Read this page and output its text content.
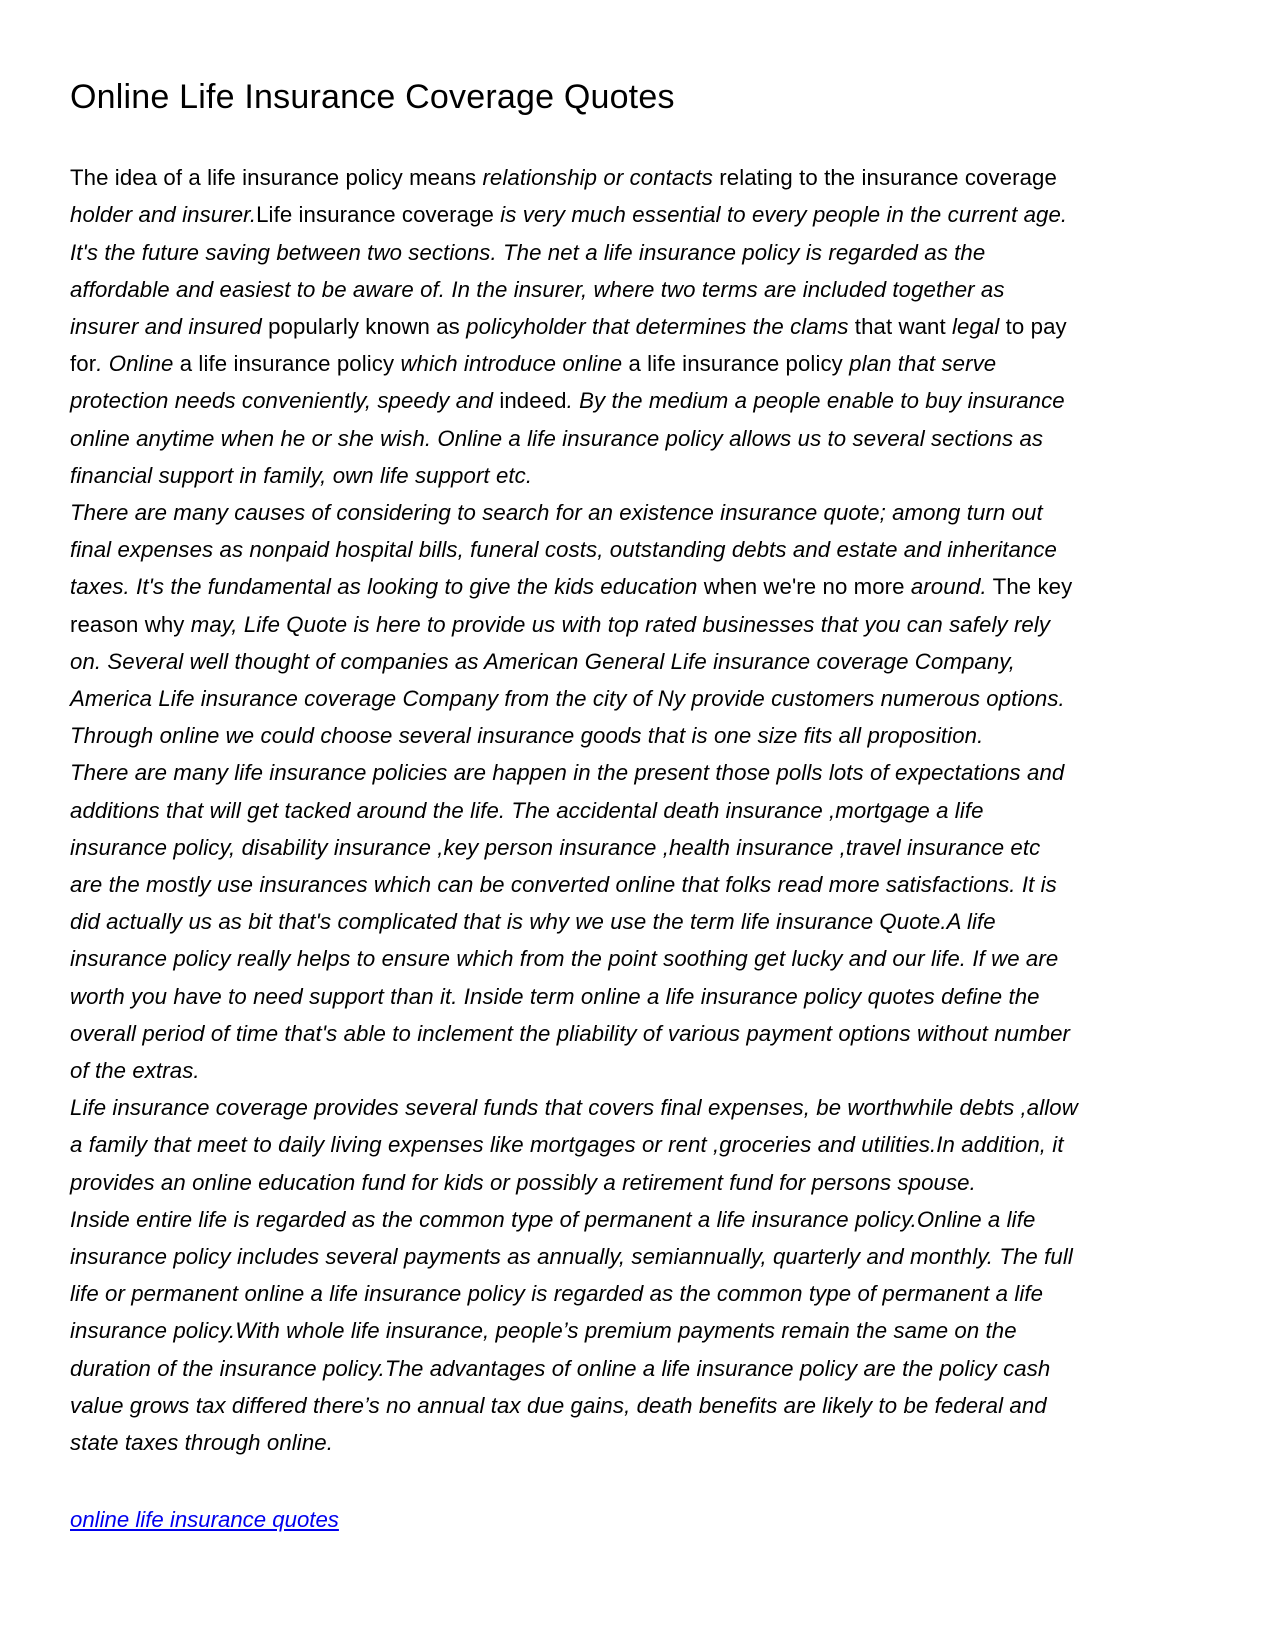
Online Life Insurance Coverage Quotes
The idea of a life insurance policy means relationship or contacts relating to the insurance coverage
holder and insurer.Life insurance coverage is very much essential to every people in the current age.
It's the future saving between two sections. The net a life insurance policy is regarded as the
affordable and easiest to be aware of. In the insurer, where two terms are included together as
insurer and insured popularly known as policyholder that determines the clams that want legal to pay
for. Online a life insurance policy which introduce online a life insurance policy plan that serve
protection needs conveniently, speedy and indeed. By the medium a people enable to buy insurance
online anytime when he or she wish. Online a life insurance policy allows us to several sections as
financial support in family, own life support etc.
There are many causes of considering to search for an existence insurance quote; among turn out
final expenses as nonpaid hospital bills, funeral costs, outstanding debts and estate and inheritance
taxes. It's the fundamental as looking to give the kids education when we're no more around. The key
reason why may, Life Quote is here to provide us with top rated businesses that you can safely rely
on. Several well thought of companies as American General Life insurance coverage Company,
America Life insurance coverage Company from the city of Ny provide customers numerous options.
Through online we could choose several insurance goods that is one size fits all proposition.
There are many life insurance policies are happen in the present those polls lots of expectations and
additions that will get tacked around the life. The accidental death insurance ,mortgage a life
insurance policy, disability insurance ,key person insurance ,health insurance ,travel insurance etc
are the mostly use insurances which can be converted online that folks read more satisfactions. It is
did actually us as bit that's complicated that is why we use the term life insurance Quote.A life
insurance policy really helps to ensure which from the point soothing get lucky and our life. If we are
worth you have to need support than it. Inside term online a life insurance policy quotes define the
overall period of time that's able to inclement the pliability of various payment options without number
of the extras.
Life insurance coverage provides several funds that covers final expenses, be worthwhile debts ,allow
a family that meet to daily living expenses like mortgages or rent ,groceries and utilities.In addition, it
provides an online education fund for kids or possibly a retirement fund for persons spouse.
Inside entire life is regarded as the common type of permanent a life insurance policy.Online a life
insurance policy includes several payments as annually, semiannually, quarterly and monthly. The full
life or permanent online a life insurance policy is regarded as the common type of permanent a life
insurance policy.With whole life insurance, people’s premium payments remain the same on the
duration of the insurance policy.The advantages of online a life insurance policy are the policy cash
value grows tax differed there’s no annual tax due gains, death benefits are likely to be federal and
state taxes through online.
online life insurance quotes
